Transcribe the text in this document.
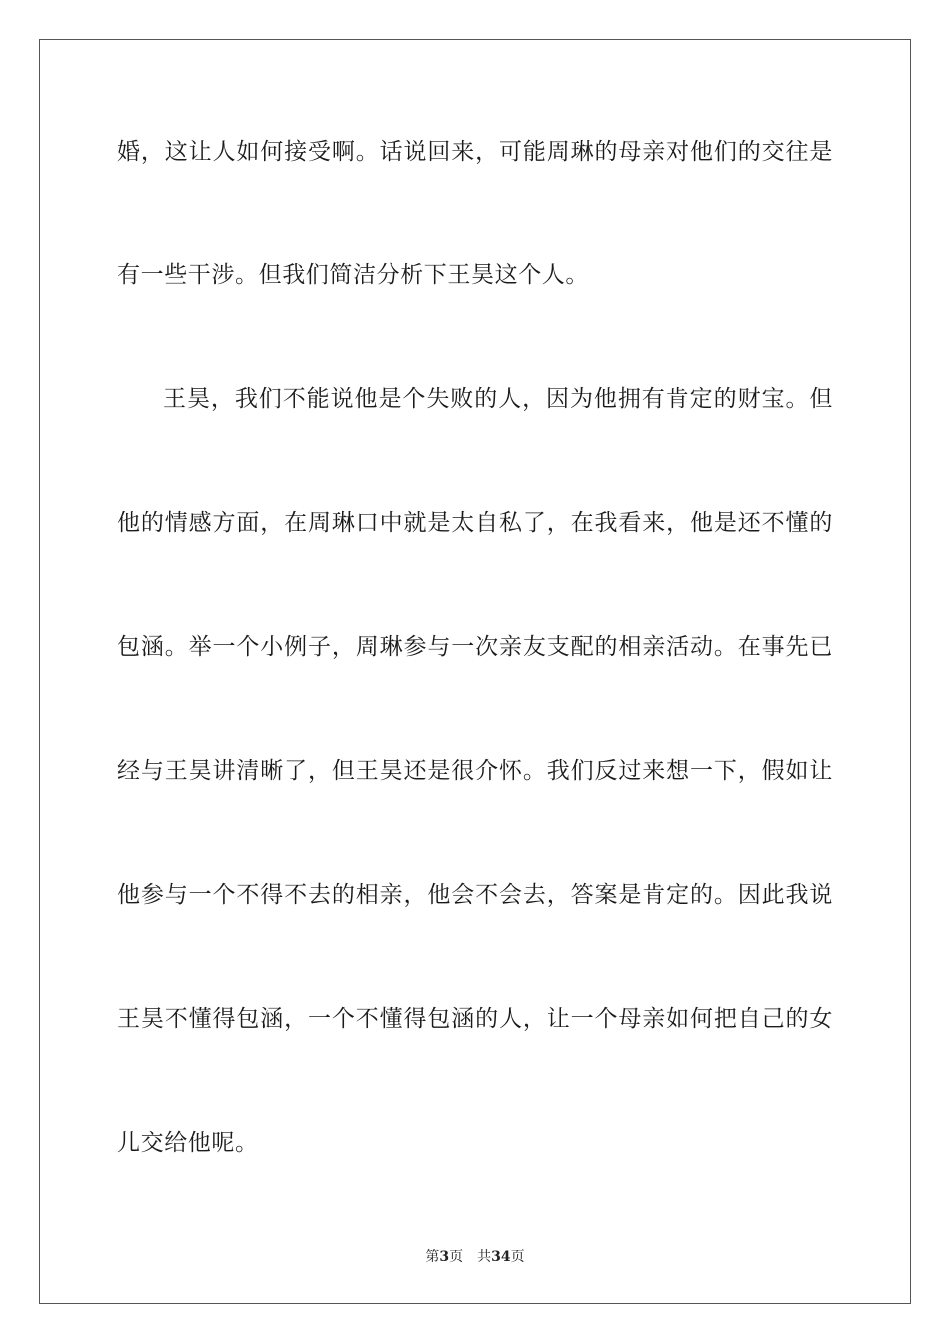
婚，这让人如何接受啊。话说回来，可能周琳的母亲对他们的交往是
有一些干涉。但我们简洁分析下王昊这个人。
王昊，我们不能说他是个失败的人，因为他拥有肯定的财宝。但
他的情感方面，在周琳口中就是太自私了，在我看来，他是还不懂的
包涵。举一个小例子，周琳参与一次亲友支配的相亲活动。在事先已
经与王昊讲清晰了，但王昊还是很介怀。我们反过来想一下，假如让
他参与一个不得不去的相亲，他会不会去，答案是肯定的。因此我说
王昊不懂得包涵，一个不懂得包涵的人，让一个母亲如何把自己的女
儿交给他呢。
第3页 共34页
